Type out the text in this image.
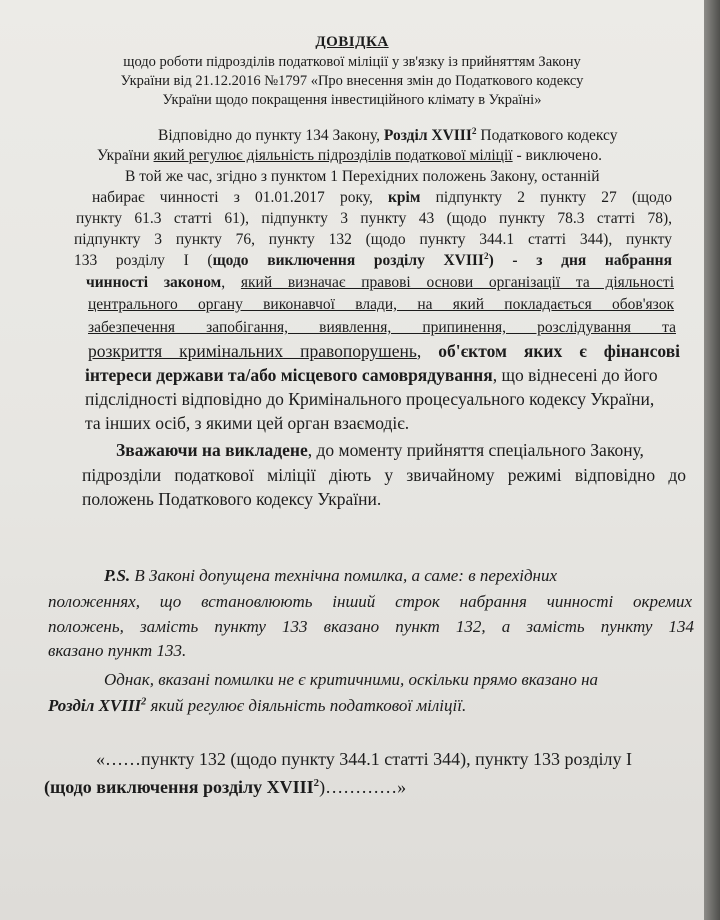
ДОВІДКА
щодо роботи підрозділів податкової міліції у зв'язку із прийняттям Закону
України від 21.12.2016 №1797 «Про внесення змін до Податкового кодексу
України щодо покращення інвестиційного клімату в Україні»
Відповідно до пункту 134 Закону, Розділ XVIII$^2$ Податкового кодексу
України який регулює діяльність підрозділів податкової міліції - виключено.
В той же час, згідно з пунктом 1 Перехідних положень Закону, останній
набирає чинності з 01.01.2017 року, крім підпункту 2 пункту 27 (щодо
пункту 61.3 статті 61), підпункту 3 пункту 43 (щодо пункту 78.3 статті 78),
підпункту 3 пункту 76, пункту 132 (щодо пункту 344.1 статті 344), пункту
133 розділу І (щодо виключення розділу XVIII$^2$) - з дня набрання
чинності законом, який визначає правові основи організації та діяльності
центрального органу виконавчої влади, на який покладається обов'язок
забезпечення запобігання, виявлення, припинення, розслідування та
розкриття кримінальних правопорушень, об'єктом яких є фінансові
інтереси держави та/або місцевого самоврядування, що віднесені до його
підслідності відповідно до Кримінального процесуального кодексу України,
та інших осіб, з якими цей орган взаємодіє.
Зважаючи на викладене, до моменту прийняття спеціального Закону,
підрозділи податкової міліції діють у звичайному режимі відповідно до
положень Податкового кодексу України.
P.S. В Законі допущена технічна помилка, а саме: в перехідних
положеннях, що встановлюють інший строк набрання чинності окремих
положень, замість пункту 133 вказано пункт 132, а замість пункту 134
вказано пункт 133.
Однак, вказані помилки не є критичними, оскільки прямо вказано на
Розділ XVIII$^2$ який регулює діяльність податкової міліції.
«……пункту 132 (щодо пункту 344.1 статті 344), пункту 133 розділу І
(щодо виключення розділу XVIII$^2$)…………»
